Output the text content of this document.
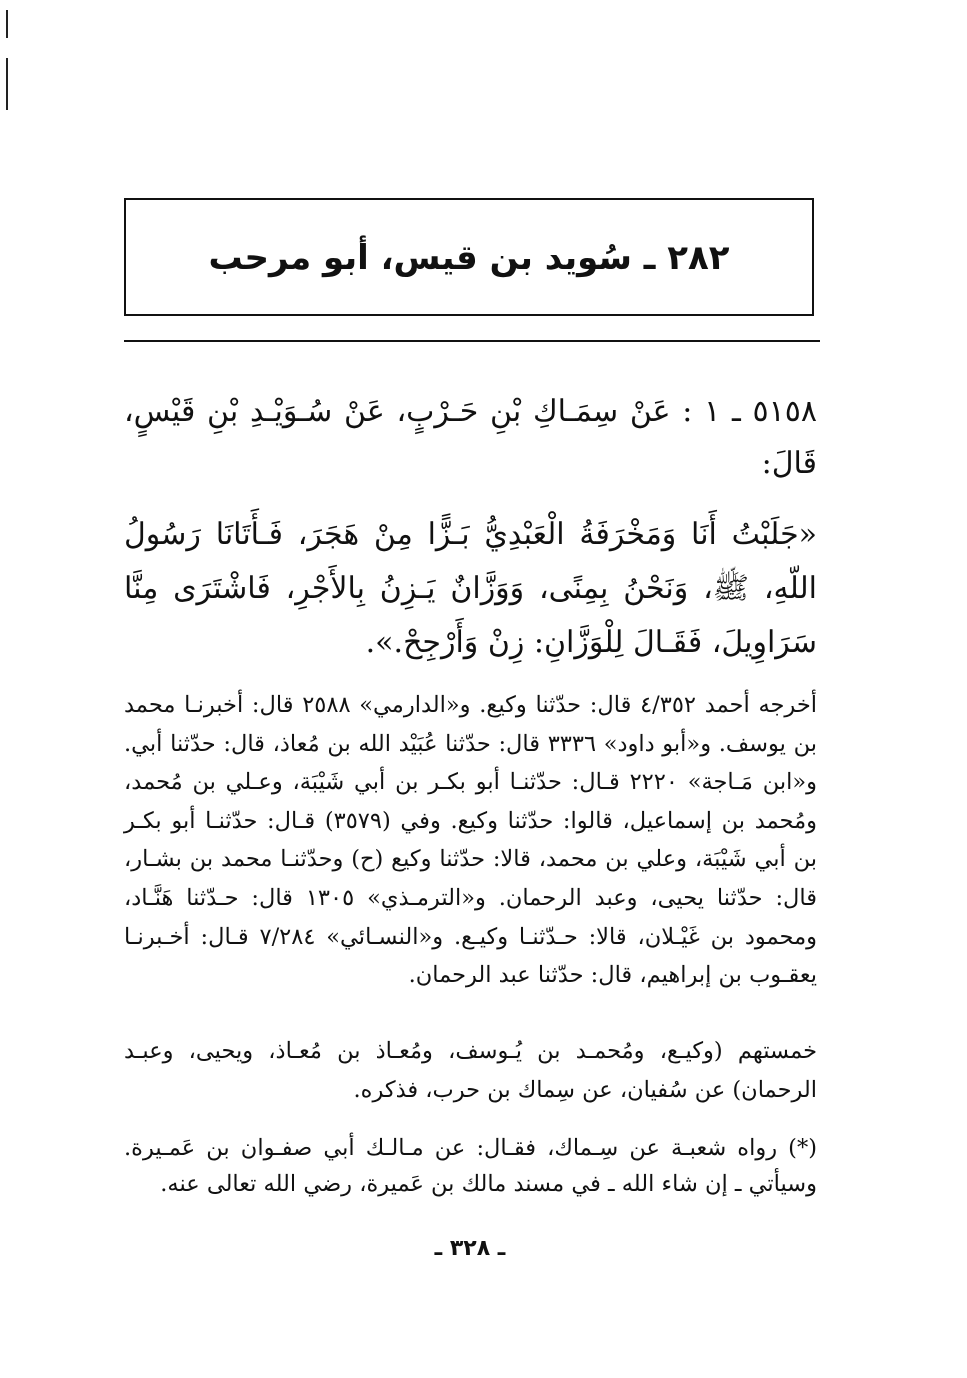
٢٨٢ ـ سُويد بن قيس، أبو مرحب
٥١٥٨ ـ ١ : عَنْ سِمَـاكِ بْنِ حَـرْبٍ، عَنْ سُـوَيْـدِ بْنِ قَيْسٍ، قَالَ:
«جَلَبْتُ أَنَا وَمَخْرَفَةُ الْعَبْدِيُّ بَـزًّا مِنْ هَجَرَ، فَـأَتَانَا رَسُولُ اللّهِ، ﷺ، وَنَحْنُ بِمِنًى، وَوَزَّانٌ يَـزِنُ بِالأَجْرِ، فَاشْتَرَى مِنَّا سَرَاوِيلَ، فَقَـالَ لِلْوَزَّانِ: زِنْ وَأَرْجِحْ.».
أخرجه أحمد ٤/٣٥٢ قال: حدّثنا وكيع. و«الدارمي» ٢٥٨٨ قال: أخبرنـا محمد بن يوسف. و«أبو داود» ٣٣٣٦ قال: حدّثنا عُبَيْد الله بن مُعاذ، قال: حدّثنا أبي. و«ابن مَـاجة» ٢٢٢٠ قـال: حدّثنـا أبو بكـر بن أبي شَيْبَة، وعـلي بن مُحمد، ومُحمد بن إسماعيل، قالوا: حدّثنا وكيع. وفي (٣٥٧٩) قـال: حدّثنـا أبو بكـر بن أبي شَيْبَة، وعلي بن محمد، قالا: حدّثنا وكيع (ح) وحدّثنـا محمد بن بشـار، قال: حدّثنا يحيى، وعبد الرحمان. و«الترمـذي» ١٣٠٥ قال: حـدّثنا هَنَّـاد، ومحمود بن غَيْـلان، قالا: حـدّثنـا وكيـع. و«النسـائي» ٧/٢٨٤ قـال: أخـبرنـا يعقـوب بن إبراهيم، قال: حدّثنا عبد الرحمان.
خمستهم (وكيـع، ومُحمـد بن يُـوسف، ومُعـاذ بن مُعـاذ، ويحيى، وعبـد الرحمان) عن سُفيان، عن سِماك بن حرب، فذكره.
(*) رواه شعبـة عن سِـماك، فقـال: عن مـالـك أبي صفـوان بن عَمـيرة. وسيأتي ـ إن شاء الله ـ في مسند مالك بن عَميرة، رضي الله تعالى عنه.
ـ ٣٢٨ ـ
